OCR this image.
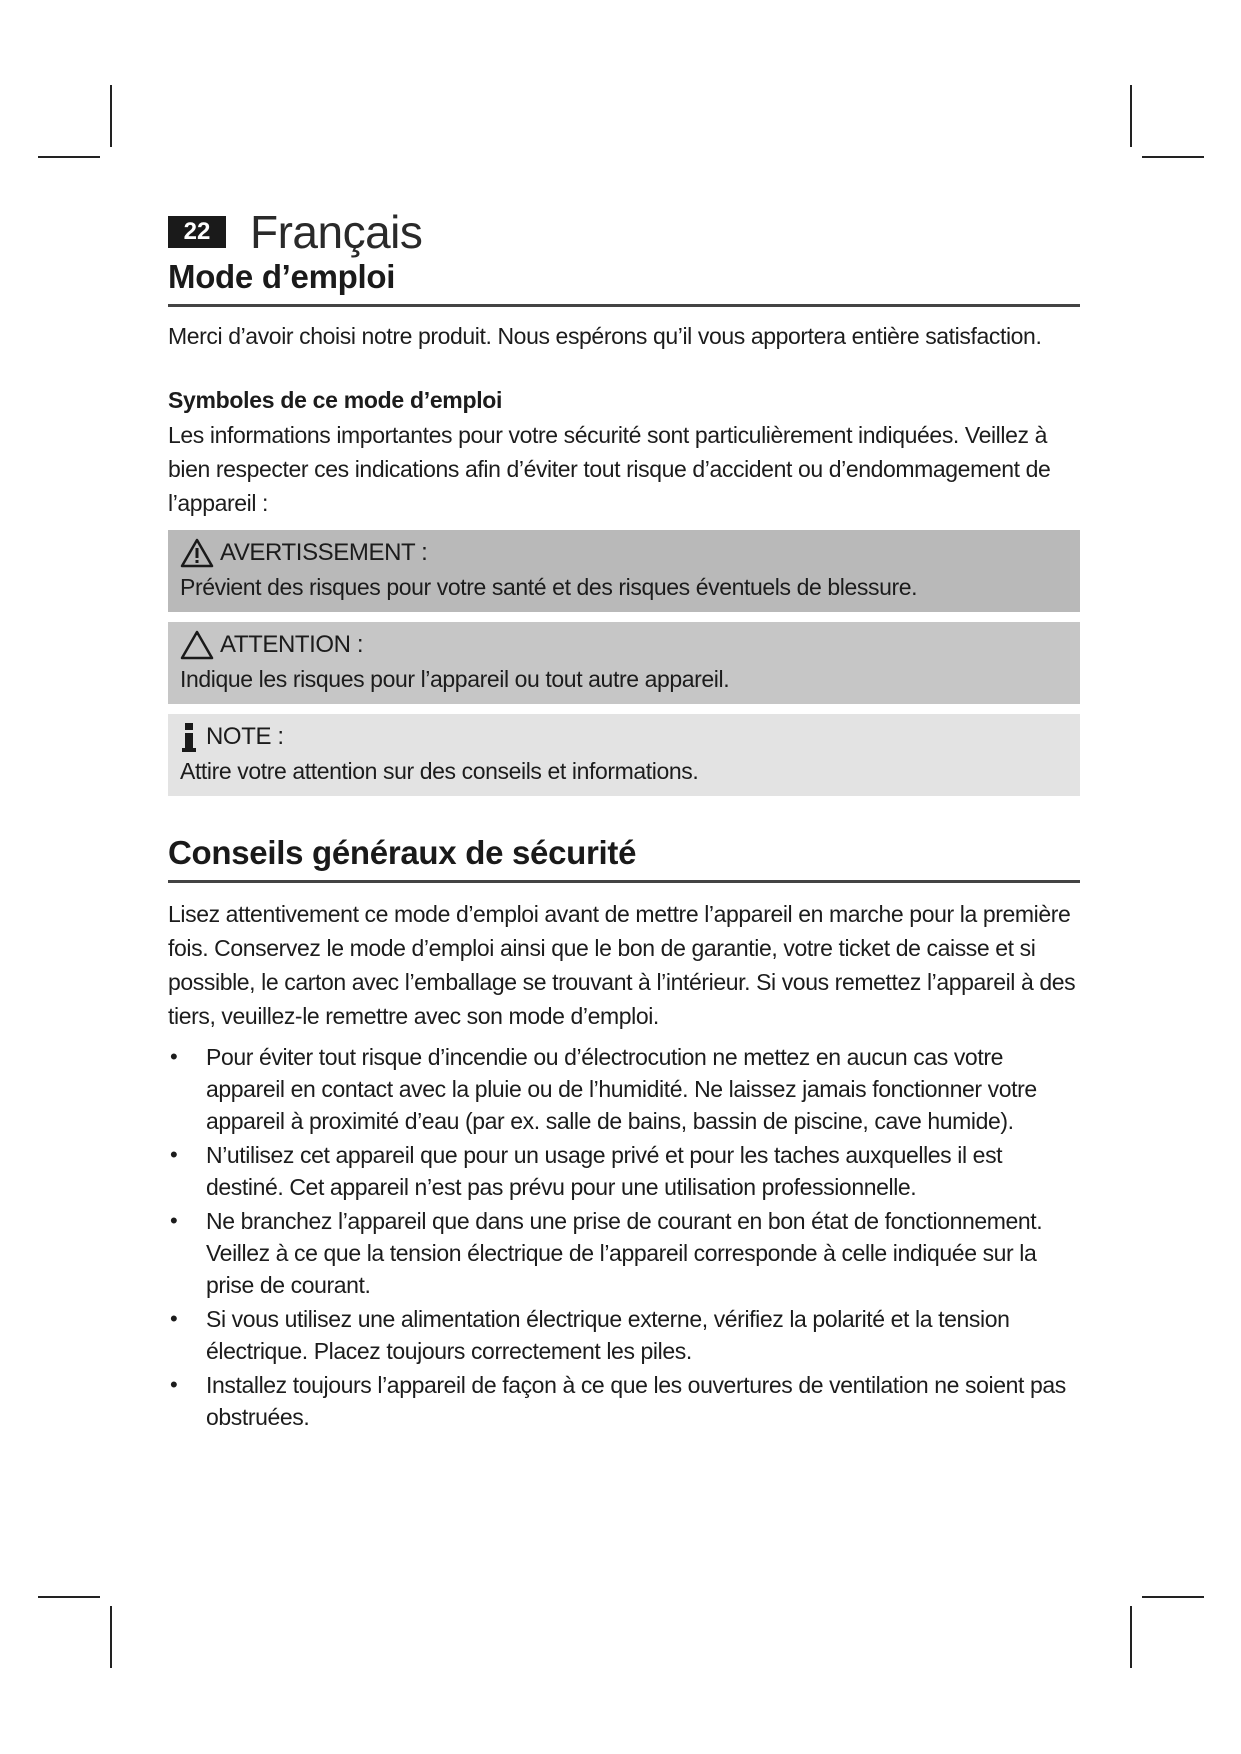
22 Français
Mode d’emploi

Merci d’avoir choisi notre produit. Nous espérons qu’il vous apportera entière satisfaction.

Symboles de ce mode d’emploi

Les informations importantes pour votre sécurité sont particulièrement indiquées. Veillez à bien respecter ces indications afin d’éviter tout risque d’accident ou d’endommagement de l’appareil :

AVERTISSEMENT :
Prévient des risques pour votre santé et des risques éventuels de blessure.
ATTENTION :
Indique les risques pour l’appareil ou tout autre appareil.
NOTE :
Attire votre attention sur des conseils et informations.
Conseils généraux de sécurité

Lisez attentivement ce mode d’emploi avant de mettre l’appareil en marche pour la première fois. Conservez le mode d’emploi ainsi que le bon de garantie, votre ticket de caisse et si possible, le carton avec l’emballage se trouvant à l’intérieur. Si vous remettez l’appareil à des tiers, veuillez-le remettre avec son mode d’emploi.

• Pour éviter tout risque d’incendie ou d’électrocution ne mettez en aucun cas votre appareil en contact avec la pluie ou de l’humidité. Ne laissez jamais fonctionner votre appareil à proximité d’eau (par ex. salle de bains, bassin de piscine, cave humide).
• N’utilisez cet appareil que pour un usage privé et pour les taches auxquelles il est destiné. Cet appareil n’est pas prévu pour une utilisation professionnelle.
• Ne branchez l’appareil que dans une prise de courant en bon état de fonctionnement. Veillez à ce que la tension électrique de l’appareil corresponde à celle indiquée sur la prise de courant.
• Si vous utilisez une alimentation électrique externe, vérifiez la polarité et la tension électrique. Placez toujours correctement les piles.
• Installez toujours l’appareil de façon à ce que les ouvertures de ventilation ne soient pas obstruées.
